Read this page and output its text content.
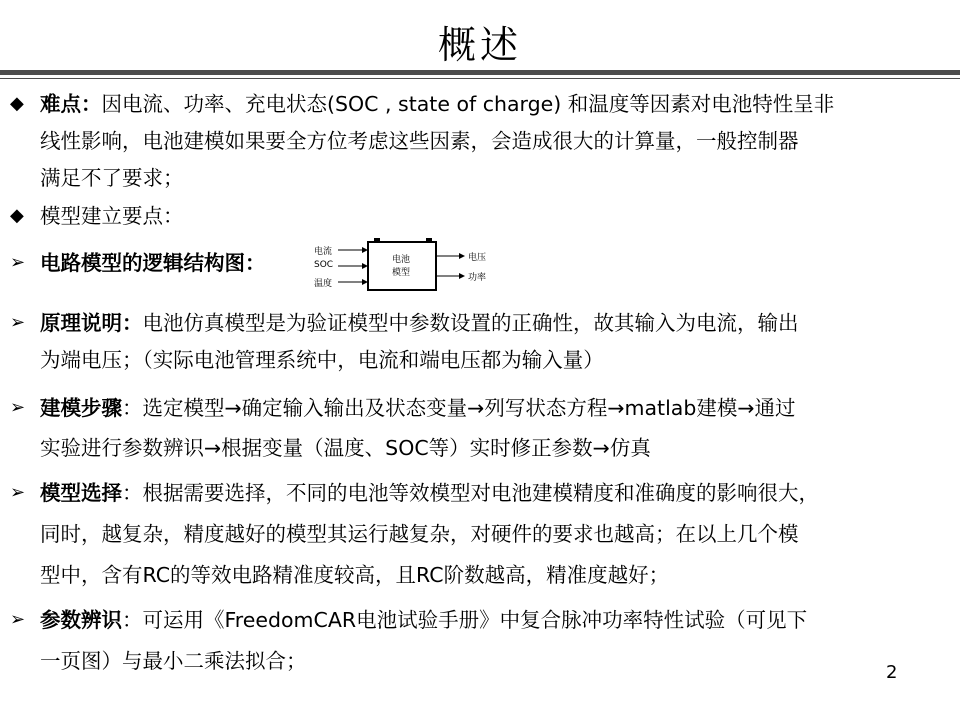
概述
◆ 难点：因电流、功率、充电状态(SOC , state of charge) 和温度等因素对电池特性呈非
线性影响，电池建模如果要全方位考虑这些因素，会造成很大的计算量，一般控制器
满足不了要求；
◆ 模型建立要点：
➢ 电路模型的逻辑结构图：	电流
SOC
温度
电池
模型
电压
功率
➢ 原理说明：电池仿真模型是为验证模型中参数设置的正确性，故其输入为电流，输出
为端电压；（实际电池管理系统中，电流和端电压都为输入量）
➢ 建模步骤：选定模型→确定输入输出及状态变量→列写状态方程→matlab建模→通过
实验进行参数辨识→根据变量（温度、SOC等）实时修正参数→仿真
➢ 模型选择：根据需要选择，不同的电池等效模型对电池建模精度和准确度的影响很大，
同时，越复杂，精度越好的模型其运行越复杂，对硬件的要求也越高；在以上几个模
型中，含有RC的等效电路精准度较高，且RC阶数越高，精准度越好；
➢ 参数辨识：可运用《FreedomCAR电池试验手册》中复合脉冲功率特性试验（可见下
一页图）与最小二乘法拟合；	2
